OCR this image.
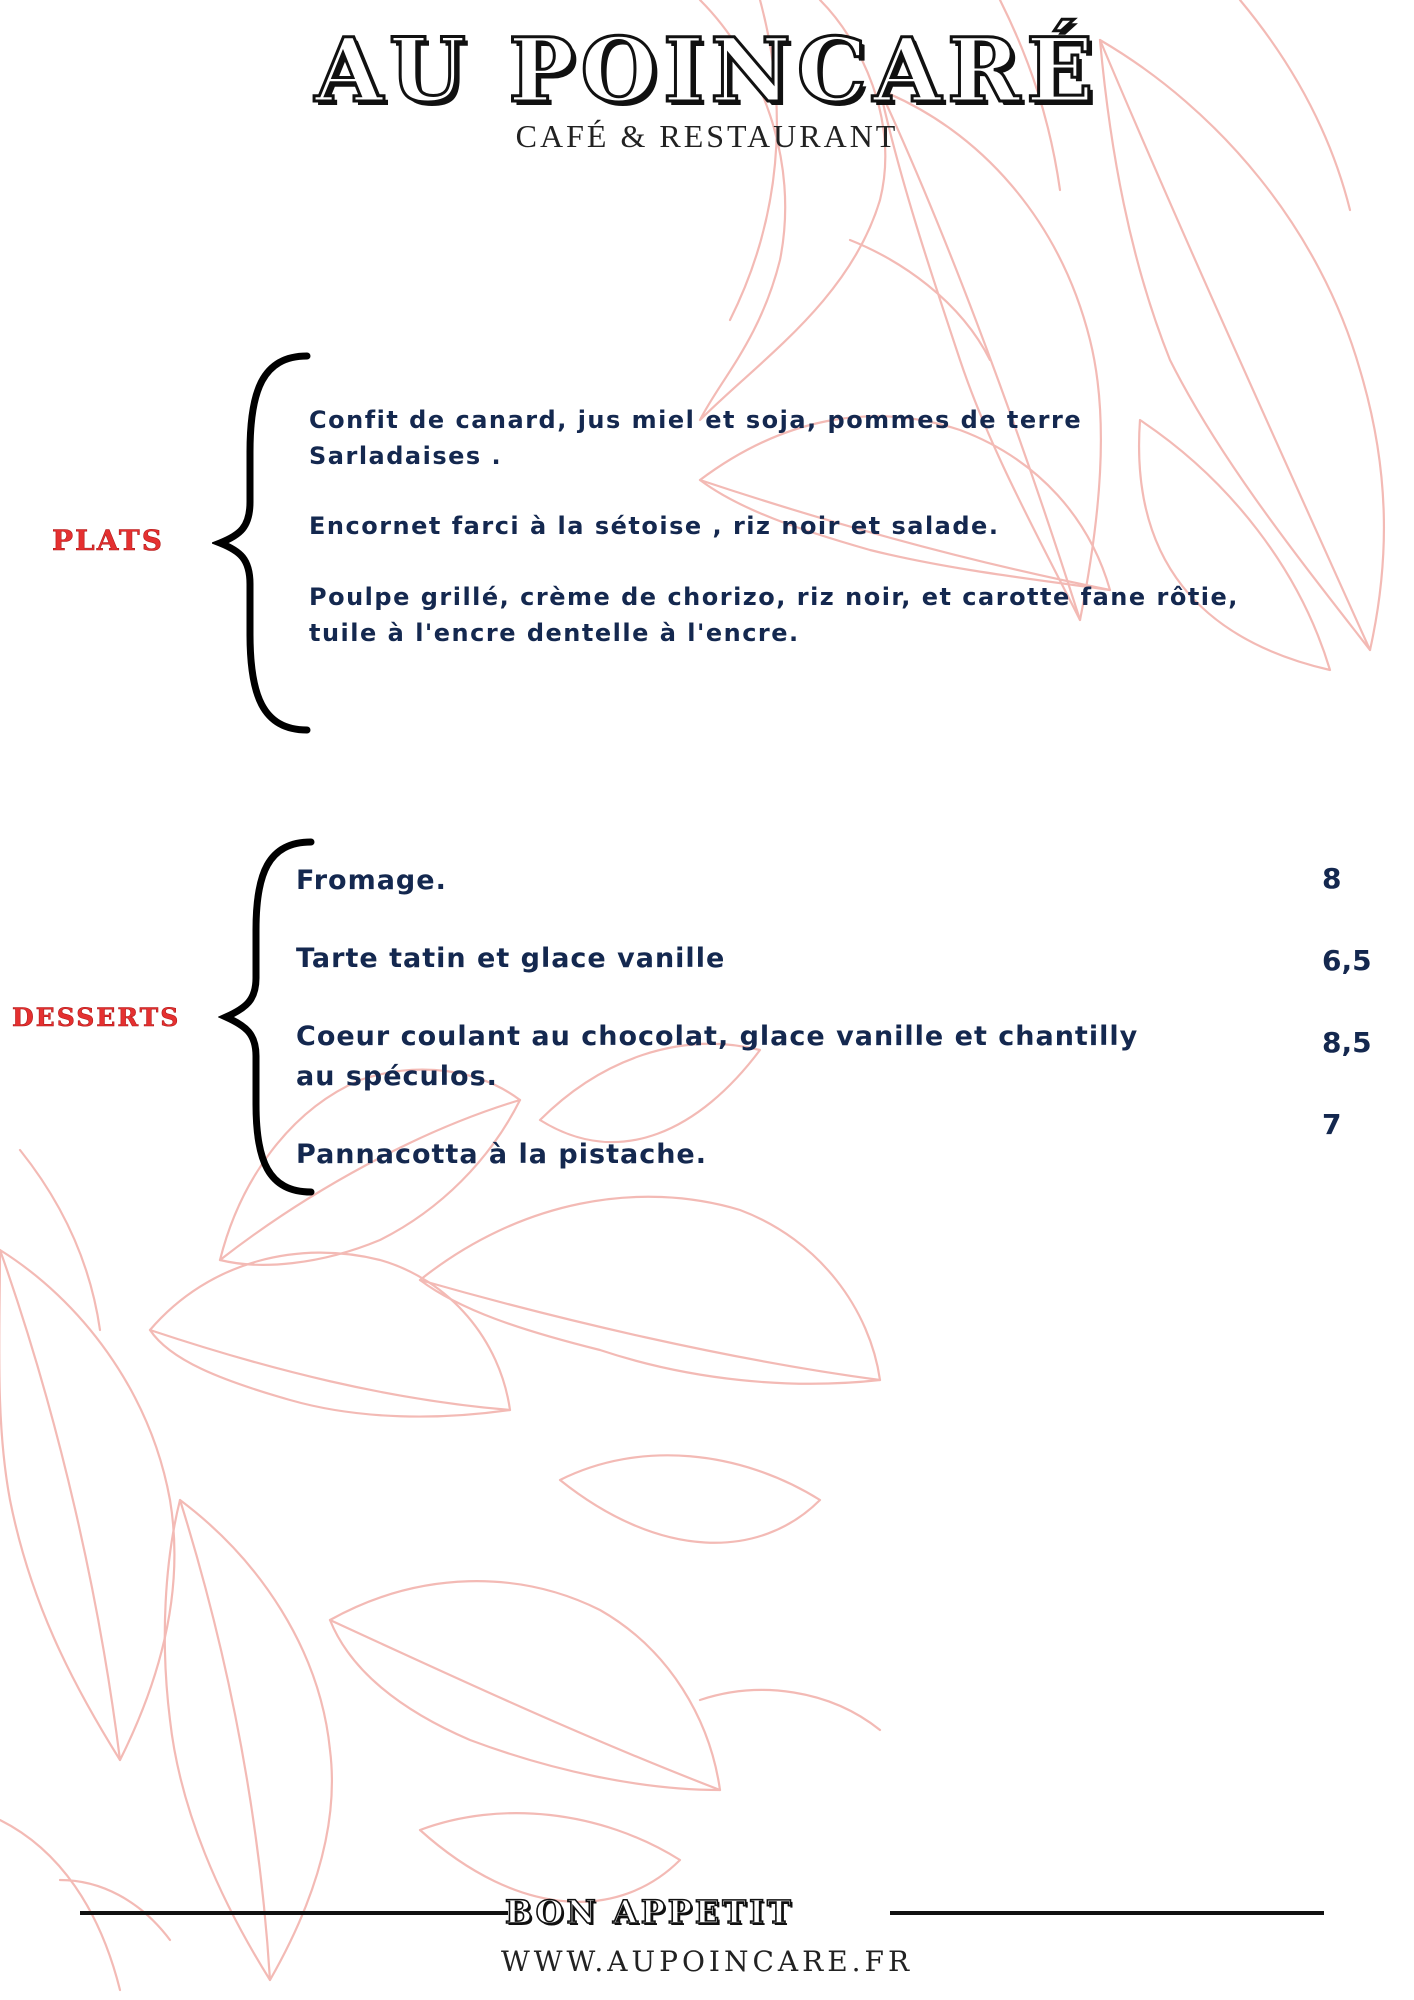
AU POINCARÉ
CAFÉ & RESTAURANT
PLATS
Confit de canard, jus miel et soja, pommes de terre
Sarladaises .
Encornet farci à la sétoise , riz noir et salade.
Poulpe grillé, crème de chorizo, riz noir, et carotte fane rôtie,
tuile à l'encre dentelle à l'encre.
DESSERTS
Fromage.
Tarte tatin et glace vanille
Coeur coulant au chocolat, glace vanille et chantilly
au spéculos.
Pannacotta à la pistache.
8
6,5
8,5
7
BON APPETIT
WWW.AUPOINCARE.FR
